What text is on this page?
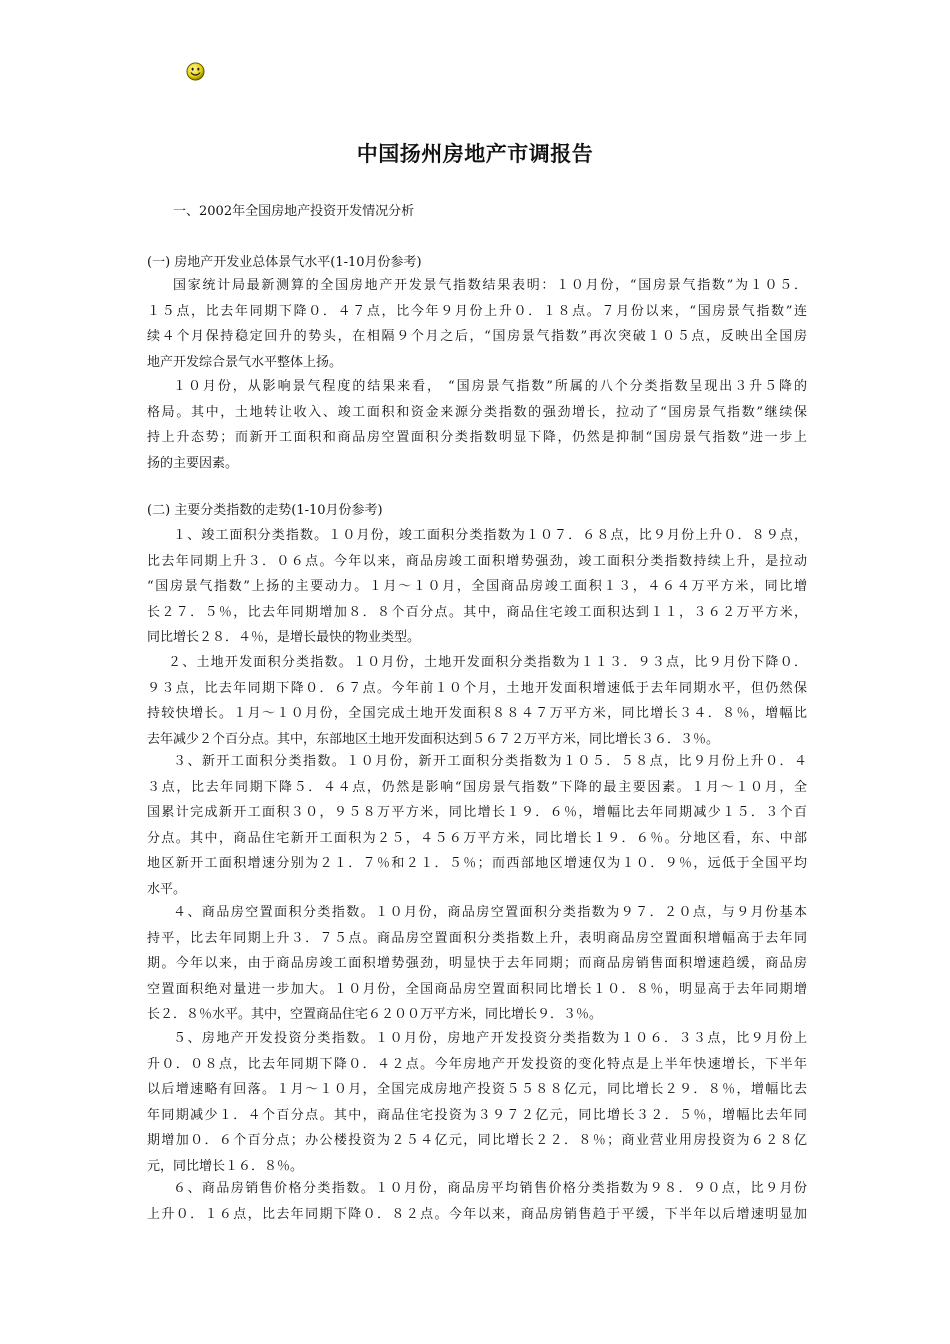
中国扬州房地产市调报告

一、2002年全国房地产投资开发情况分析

(一) 房地产开发业总体景气水平(1-10月份参考)

国家统计局最新测算的全国房地产开发景气指数结果表明：１０月份，“国房景气指数”为１０５．

１５点，比去年同期下降０．４７点，比今年９月份上升０．１８点。７月份以来，“国房景气指数”连

续４个月保持稳定回升的势头，在相隔９个月之后，“国房景气指数”再次突破１０５点，反映出全国房

地产开发综合景气水平整体上扬。

１０月份，从影响景气程度的结果来看， “国房景气指数”所属的八个分类指数呈现出３升５降的

格局。其中，土地转让收入、竣工面积和资金来源分类指数的强劲增长，拉动了“国房景气指数”继续保

持上升态势；而新开工面积和商品房空置面积分类指数明显下降，仍然是抑制“国房景气指数”进一步上

扬的主要因素。

(二) 主要分类指数的走势(1-10月份参考)

１、竣工面积分类指数。１０月份，竣工面积分类指数为１０７．６８点，比９月份上升０．８９点，

比去年同期上升３．０６点。今年以来，商品房竣工面积增势强劲，竣工面积分类指数持续上升，是拉动

“国房景气指数”上扬的主要动力。１月～１０月，全国商品房竣工面积１３，４６４万平方米，同比增

长２７．５％，比去年同期增加８．８个百分点。其中，商品住宅竣工面积达到１１，３６２万平方米，

同比增长２８．４％，是增长最快的物业类型。

２、土地开发面积分类指数。１０月份，土地开发面积分类指数为１１３．９３点，比９月份下降０．

９３点，比去年同期下降０．６７点。今年前１０个月，土地开发面积增速低于去年同期水平，但仍然保

持较快增长。１月～１０月份，全国完成土地开发面积８８４７万平方米，同比增长３４．８％，增幅比

去年减少２个百分点。其中，东部地区土地开发面积达到５６７２万平方米，同比增长３６．３％。

３、新开工面积分类指数。１０月份，新开工面积分类指数为１０５．５８点，比９月份上升０．４

３点，比去年同期下降５．４４点，仍然是影响“国房景气指数”下降的最主要因素。１月～１０月，全

国累计完成新开工面积３０，９５８万平方米，同比增长１９．６％，增幅比去年同期减少１５．３个百

分点。其中，商品住宅新开工面积为２５，４５６万平方米，同比增长１９．６％。分地区看，东、中部

地区新开工面积增速分别为２１．７％和２１．５％；而西部地区增速仅为１０．９％，远低于全国平均

水平。

４、商品房空置面积分类指数。１０月份，商品房空置面积分类指数为９７．２０点，与９月份基本

持平，比去年同期上升３．７５点。商品房空置面积分类指数上升，表明商品房空置面积增幅高于去年同

期。今年以来，由于商品房竣工面积增势强劲，明显快于去年同期；而商品房销售面积增速趋缓，商品房

空置面积绝对量进一步加大。１０月份，全国商品房空置面积同比增长１０．８％，明显高于去年同期增

长２．８％水平。其中，空置商品住宅６２００万平方米，同比增长９．３％。

５、房地产开发投资分类指数。１０月份，房地产开发投资分类指数为１０６．３３点，比９月份上

升０．０８点，比去年同期下降０．４２点。今年房地产开发投资的变化特点是上半年快速增长，下半年

以后增速略有回落。１月～１０月，全国完成房地产投资５５８８亿元，同比增长２９．８％，增幅比去

年同期减少１．４个百分点。其中，商品住宅投资为３９７２亿元，同比增长３２．５％，增幅比去年同

期增加０．６个百分点；办公楼投资为２５４亿元，同比增长２２．８％；商业营业用房投资为６２８亿

元，同比增长１６．８％。

６、商品房销售价格分类指数。１０月份，商品房平均销售价格分类指数为９８．９０点，比９月份

上升０．１６点，比去年同期下降０．８２点。今年以来，商品房销售趋于平缓，下半年以后增速明显加
